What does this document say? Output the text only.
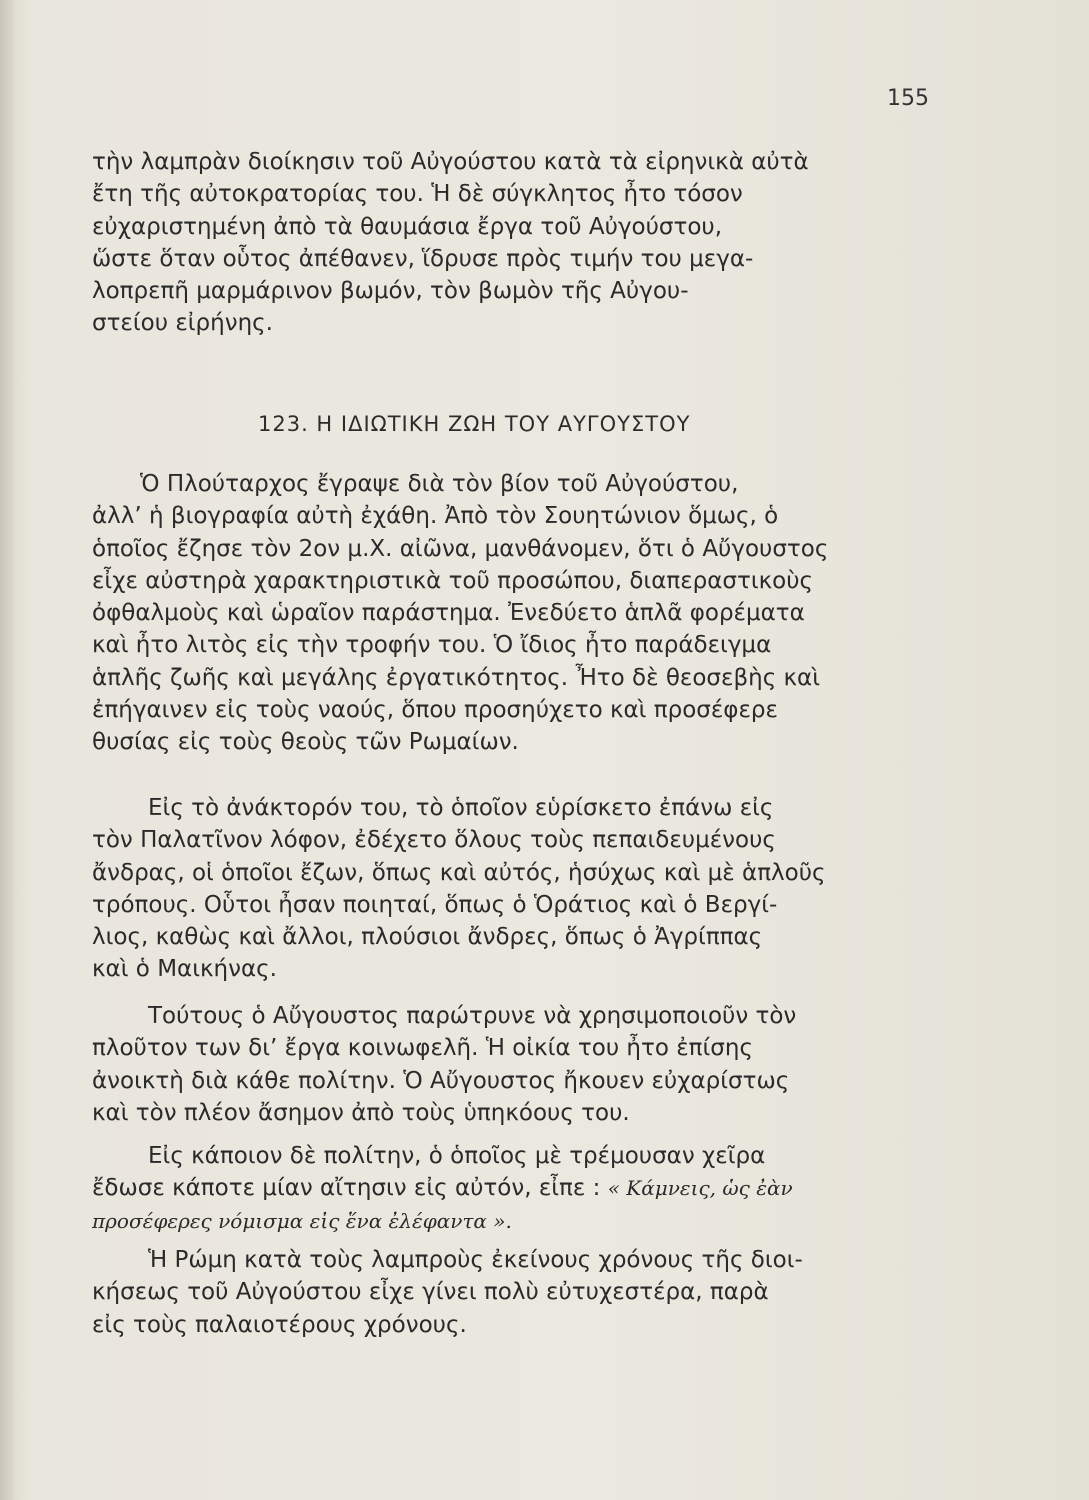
155
τὴν λαμπρὰν διοίκησιν τοῦ Αὐγούστου κατὰ τὰ εἰρηνικὰ αὐτὰ
ἔτη τῆς αὐτοκρατορίας του. Ἡ δὲ σύγκλητος ἦτο τόσον
εὐχαριστημένη ἀπὸ τὰ θαυμάσια ἔργα τοῦ Αὐγούστου,
ὥστε ὅταν οὗτος ἀπέθανεν, ἵδρυσε πρὸς τιμήν του μεγα-
λοπρεπῆ μαρμάρινον βωμόν, τὸν βωμὸν τῆς Αὐγου-
στείου εἰρήνης.
123. Η ΙΔΙΩΤΙΚΗ ΖΩΗ ΤΟΥ ΑΥΓΟΥΣΤΟΥ
Ὁ Πλούταρχος ἔγραψε διὰ τὸν βίον τοῦ Αὐγούστου,
ἀλλ’ ἡ βιογραφία αὐτὴ ἐχάθη. Ἀπὸ τὸν Σουητώνιον ὅμως, ὁ
ὁποῖος ἔζησε τὸν 2ον μ.Χ. αἰῶνα, μανθάνομεν, ὅτι ὁ Αὔγουστος
εἶχε αὐστηρὰ χαρακτηριστικὰ τοῦ προσώπου, διαπεραστικοὺς
ὀφθαλμοὺς καὶ ὡραῖον παράστημα. Ἐνεδύετο ἁπλᾶ φορέματα
καὶ ἦτο λιτὸς εἰς τὴν τροφήν του. Ὁ ἴδιος ἦτο παράδειγμα
ἁπλῆς ζωῆς καὶ μεγάλης ἐργατικότητος. Ἦτο δὲ θεοσεβὴς καὶ
ἐπήγαινεν εἰς τοὺς ναούς, ὅπου προσηύχετο καὶ προσέφερε
θυσίας εἰς τοὺς θεοὺς τῶν Ρωμαίων.
Εἰς τὸ ἀνάκτορόν του, τὸ ὁποῖον εὑρίσκετο ἐπάνω εἰς
τὸν Παλατῖνον λόφον, ἐδέχετο ὅλους τοὺς πεπαιδευμένους
ἄνδρας, οἱ ὁποῖοι ἔζων, ὅπως καὶ αὐτός, ἡσύχως καὶ μὲ ἁπλοῦς
τρόπους. Οὗτοι ἦσαν ποιηταί, ὅπως ὁ Ὁράτιος καὶ ὁ Βεργί-
λιος, καθὼς καὶ ἄλλοι, πλούσιοι ἄνδρες, ὅπως ὁ Ἀγρίππας
καὶ ὁ Μαικήνας.
Τούτους ὁ Αὔγουστος παρώτρυνε νὰ χρησιμοποιοῦν τὸν
πλοῦτον των δι’ ἔργα κοινωφελῆ. Ἡ οἰκία του ἦτο ἐπίσης
ἀνοικτὴ διὰ κάθε πολίτην. Ὁ Αὔγουστος ἤκουεν εὐχαρίστως
καὶ τὸν πλέον ἄσημον ἀπὸ τοὺς ὑπηκόους του.
Εἰς κάποιον δὲ πολίτην, ὁ ὁποῖος μὲ τρέμουσαν χεῖρα
ἔδωσε κάποτε μίαν αἴτησιν εἰς αὐτόν, εἶπε : « Κάμνεις, ὡς ἐὰν
προσέφερες νόμισμα εἰς ἕνα ἐλέφαντα ».
Ἡ Ρώμη κατὰ τοὺς λαμπροὺς ἐκείνους χρόνους τῆς διοι-
κήσεως τοῦ Αὐγούστου εἶχε γίνει πολὺ εὐτυχεστέρα, παρὰ
εἰς τοὺς παλαιοτέρους χρόνους.
